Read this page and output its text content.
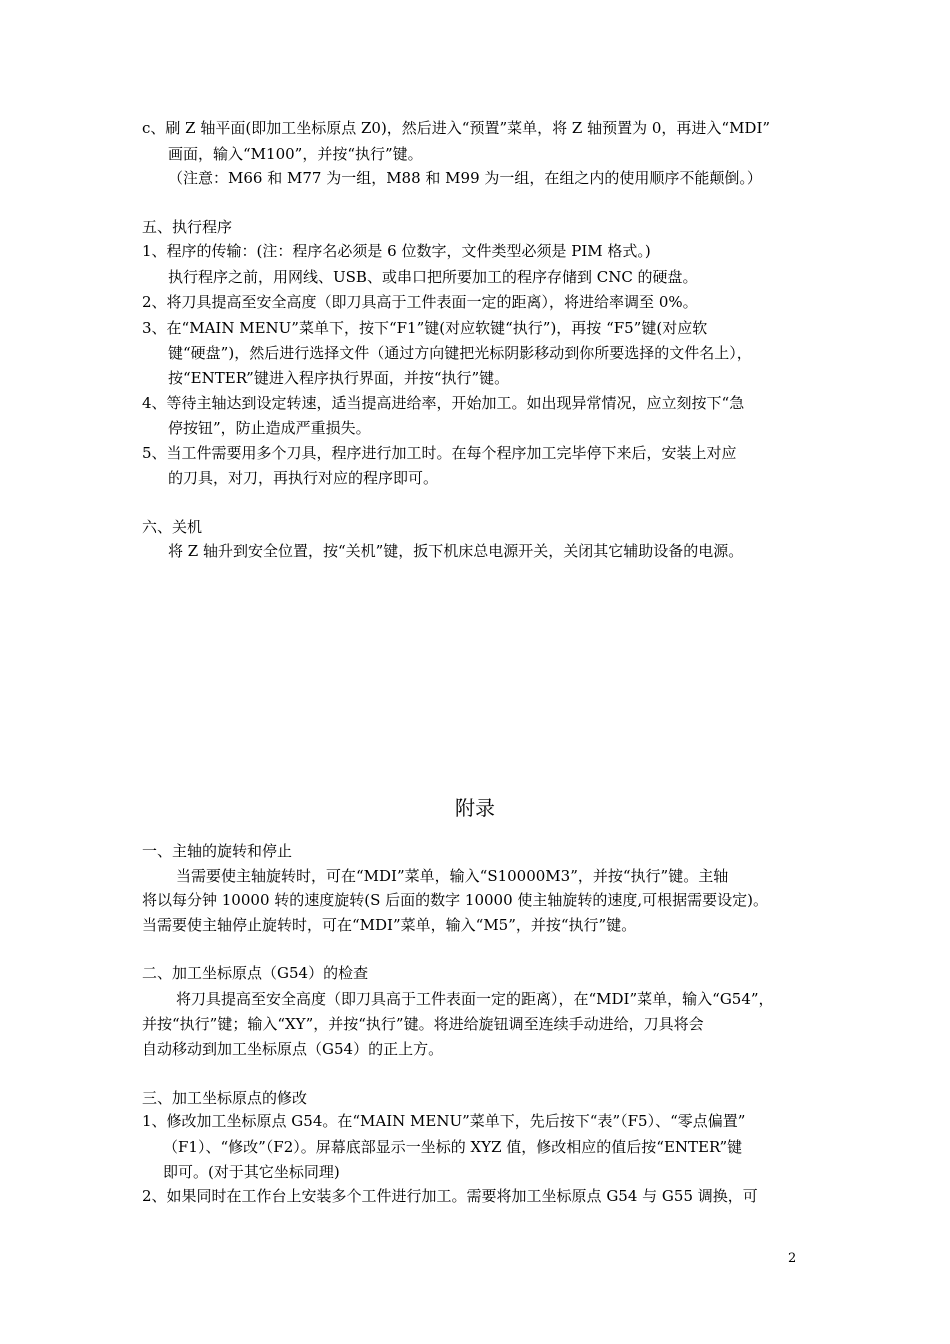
c、刷 Z 轴平面(即加工坐标原点 Z0)，然后进入“预置”菜单，将 Z 轴预置为 0，再进入“MDI”
画面，输入“M100”，并按“执行”键。
（注意：M66 和 M77 为一组，M88 和 M99 为一组，在组之内的使用顺序不能颠倒。）
五、执行程序
1、程序的传输：(注：程序名必须是 6 位数字，文件类型必须是 PIM 格式。)
执行程序之前，用网线、USB、或串口把所要加工的程序存储到 CNC 的硬盘。
2、将刀具提高至安全高度（即刀具高于工件表面一定的距离），将进给率调至 0%。
3、在“MAIN MENU”菜单下，按下“F1”键(对应软键“执行”)，再按 “F5”键(对应软
键“硬盘”)，然后进行选择文件（通过方向键把光标阴影移动到你所要选择的文件名上），
按“ENTER”键进入程序执行界面，并按“执行”键。
4、等待主轴达到设定转速，适当提高进给率，开始加工。如出现异常情况，应立刻按下“急
停按钮”，防止造成严重损失。
5、当工件需要用多个刀具，程序进行加工时。在每个程序加工完毕停下来后，安装上对应
的刀具，对刀，再执行对应的程序即可。
六、关机
将 Z 轴升到安全位置，按“关机”键，扳下机床总电源开关，关闭其它辅助设备的电源。
附录
一、主轴的旋转和停止
当需要使主轴旋转时，可在“MDI”菜单，输入“S10000M3”，并按“执行”键。主轴
将以每分钟 10000 转的速度旋转(S 后面的数字 10000 使主轴旋转的速度,可根据需要设定)。
当需要使主轴停止旋转时，可在“MDI”菜单，输入“M5”，并按“执行”键。
二、加工坐标原点（G54）的检查
将刀具提高至安全高度（即刀具高于工件表面一定的距离），在“MDI”菜单，输入“G54”，
并按“执行”键；输入“XY”，并按“执行”键。将进给旋钮调至连续手动进给，刀具将会
自动移动到加工坐标原点（G54）的正上方。
三、加工坐标原点的修改
1、修改加工坐标原点 G54。在“MAIN MENU”菜单下，先后按下“表”（F5）、“零点偏置”
（F1）、“修改”（F2）。屏幕底部显示一坐标的 XYZ 值，修改相应的值后按“ENTER”键
即可。(对于其它坐标同理)
2、如果同时在工作台上安装多个工件进行加工。需要将加工坐标原点 G54 与 G55 调换，可
2
